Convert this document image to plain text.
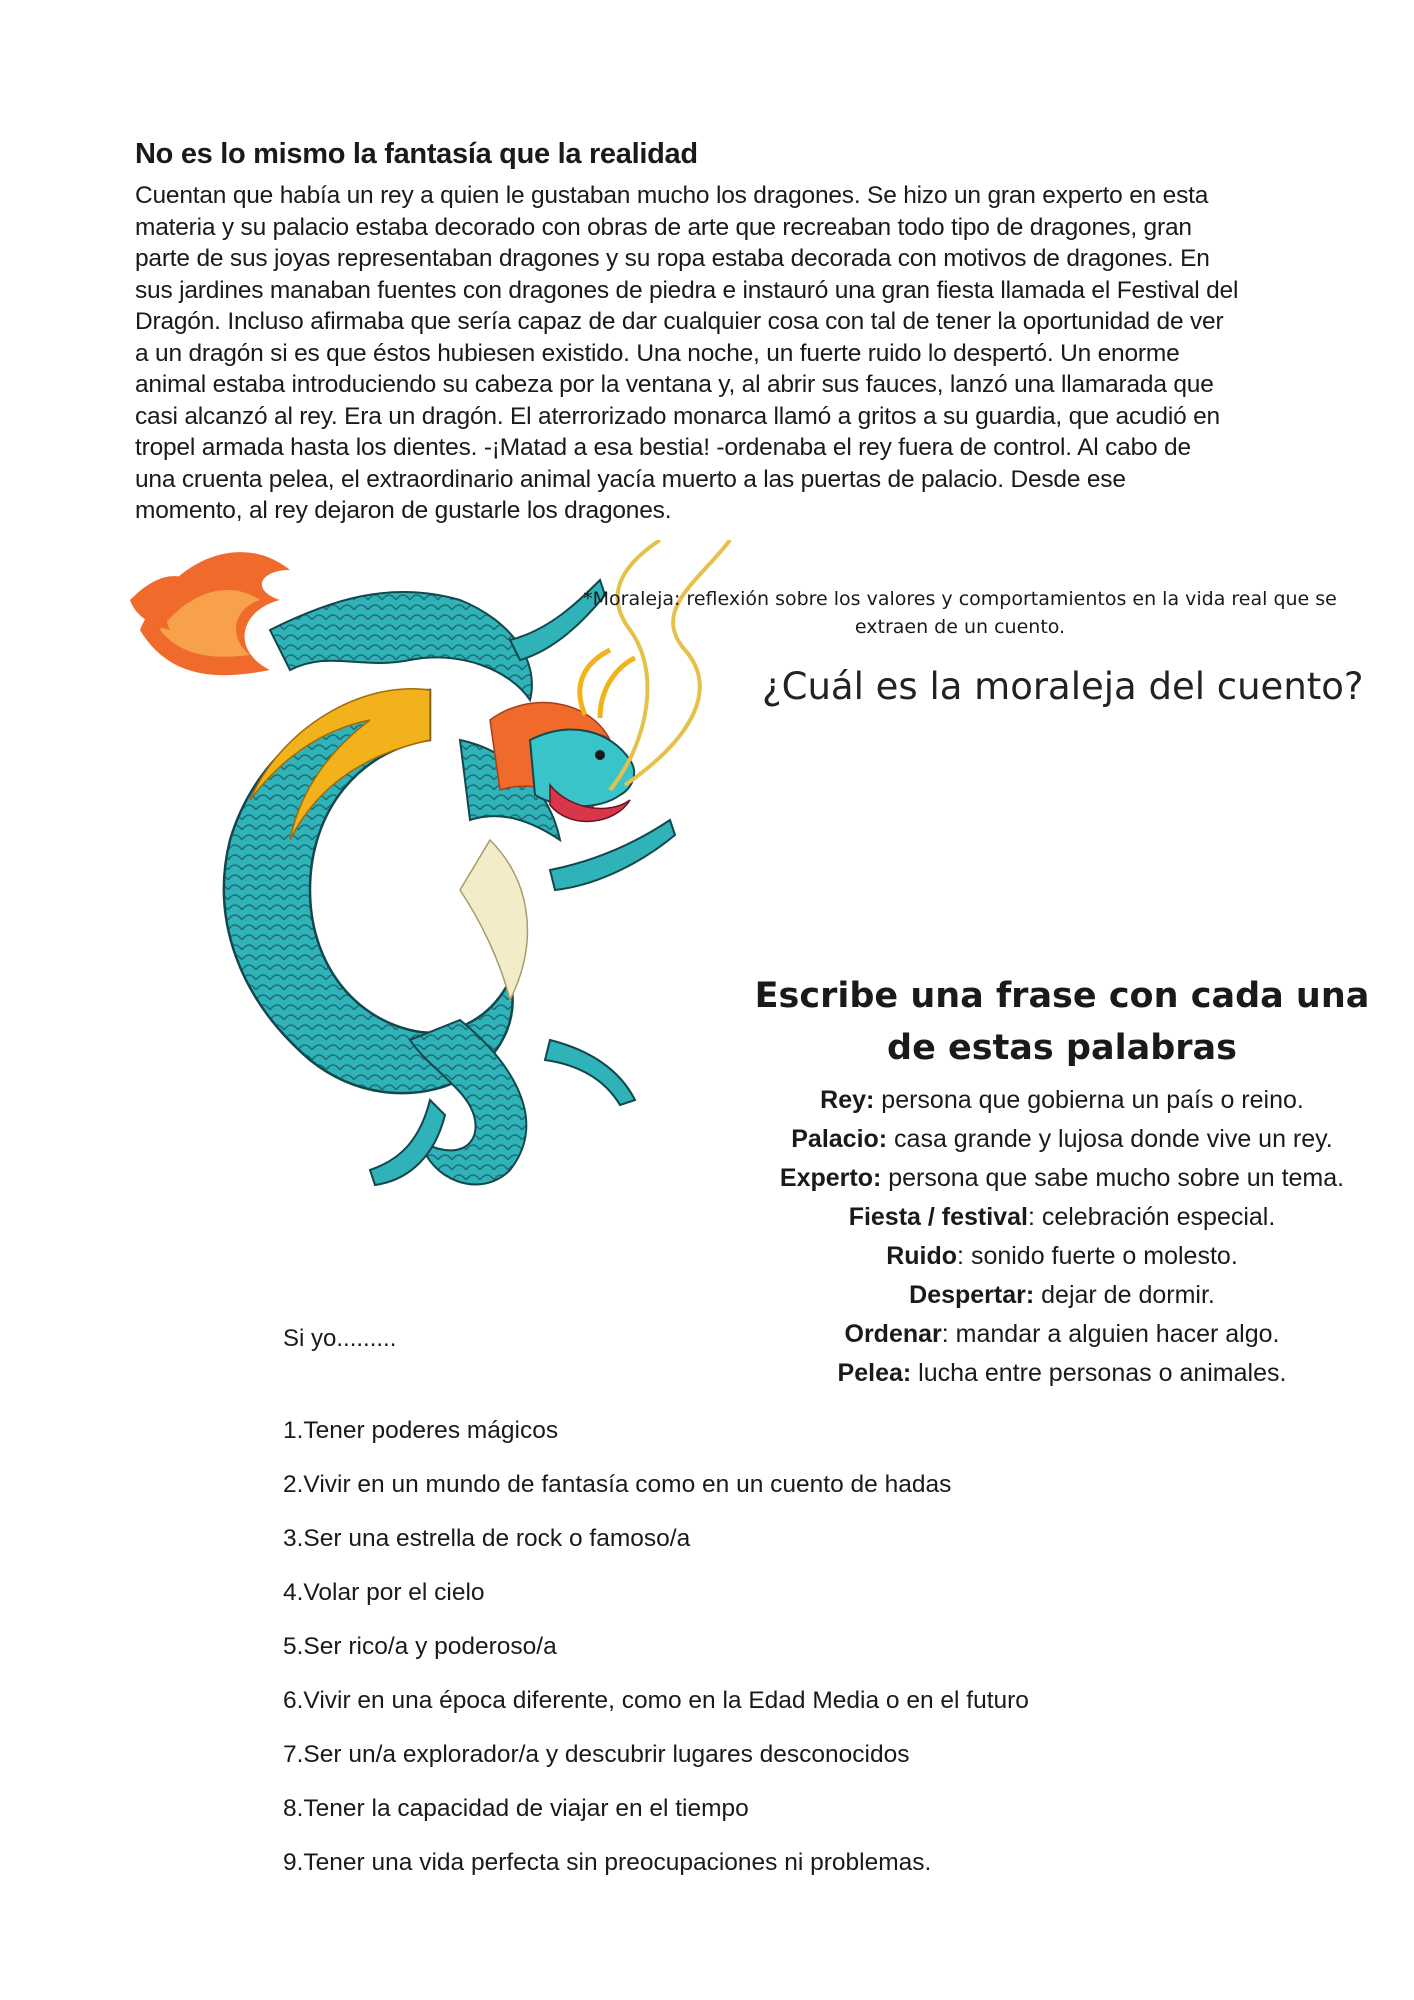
No es lo mismo la fantasía que la realidad

Cuentan que había un rey a quien le gustaban mucho los dragones. Se hizo un gran experto en esta
materia y su palacio estaba decorado con obras de arte que recreaban todo tipo de dragones, gran
parte de sus joyas representaban dragones y su ropa estaba decorada con motivos de dragones. En
sus jardines manaban fuentes con dragones de piedra e instauró una gran fiesta llamada el Festival del
Dragón. Incluso afirmaba que sería capaz de dar cualquier cosa con tal de tener la oportunidad de ver
a un dragón si es que éstos hubiesen existido. Una noche, un fuerte ruido lo despertó. Un enorme
animal estaba introduciendo su cabeza por la ventana y, al abrir sus fauces, lanzó una llamarada que
casi alcanzó al rey. Era un dragón. El aterrorizado monarca llamó a gritos a su guardia, que acudió en
tropel armada hasta los dientes. -¡Matad a esa bestia! -ordenaba el rey fuera de control. Al cabo de
una cruenta pelea, el extraordinario animal yacía muerto a las puertas de palacio. Desde ese
momento, al rey dejaron de gustarle los dragones.

*Moraleja: reflexión sobre los valores y comportamientos en la vida real que se
extraen de un cuento.
¿Cuál es la moraleja del cuento?
Escribe una frase con cada una de estas palabras
Rey: persona que gobierna un país o reino.
Palacio: casa grande y lujosa donde vive un rey.
Experto: persona que sabe mucho sobre un tema.
Fiesta / festival: celebración especial.
Ruido: sonido fuerte o molesto.
Despertar: dejar de dormir.
Ordenar: mandar a alguien hacer algo.
Pelea: lucha entre personas o animales.
Si yo.........
1.Tener poderes mágicos
2.Vivir en un mundo de fantasía como en un cuento de hadas
3.Ser una estrella de rock o famoso/a
4.Volar por el cielo
5.Ser rico/a y poderoso/a
6.Vivir en una época diferente, como en la Edad Media o en el futuro
7.Ser un/a explorador/a y descubrir lugares desconocidos
8.Tener la capacidad de viajar en el tiempo
9.Tener una vida perfecta sin preocupaciones ni problemas.
